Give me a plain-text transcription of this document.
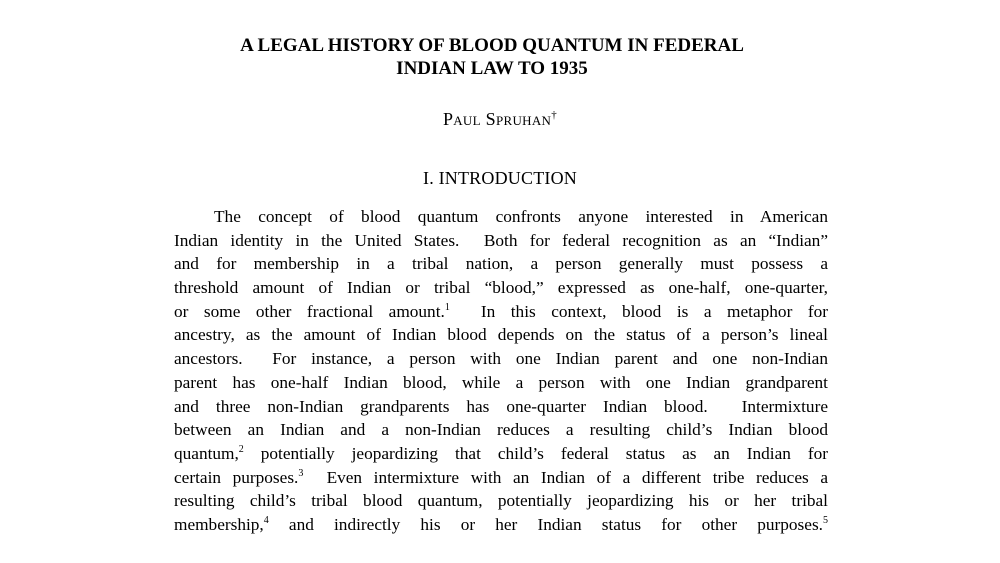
A LEGAL HISTORY OF BLOOD QUANTUM IN FEDERAL
INDIAN LAW TO 1935
Paul Spruhan†
I. INTRODUCTION
The concept of blood quantum confronts anyone interested in American
Indian identity in the United States.  Both for federal recognition as an “Indian”
and for membership in a tribal nation, a person generally must possess a
threshold amount of Indian or tribal “blood,” expressed as one-half, one-quarter,
or some other fractional amount.$^1$  In this context, blood is a metaphor for
ancestry, as the amount of Indian blood depends on the status of a person’s lineal
ancestors.  For instance, a person with one Indian parent and one non-Indian
parent has one-half Indian blood, while a person with one Indian grandparent
and three non-Indian grandparents has one-quarter Indian blood.  Intermixture
between an Indian and a non-Indian reduces a resulting child’s Indian blood
quantum,$^2$ potentially jeopardizing that child’s federal status as an Indian for
certain purposes.$^3$  Even intermixture with an Indian of a different tribe reduces a
resulting child’s tribal blood quantum, potentially jeopardizing his or her tribal
membership,$^4$ and indirectly his or her Indian status for other purposes.$^5$
